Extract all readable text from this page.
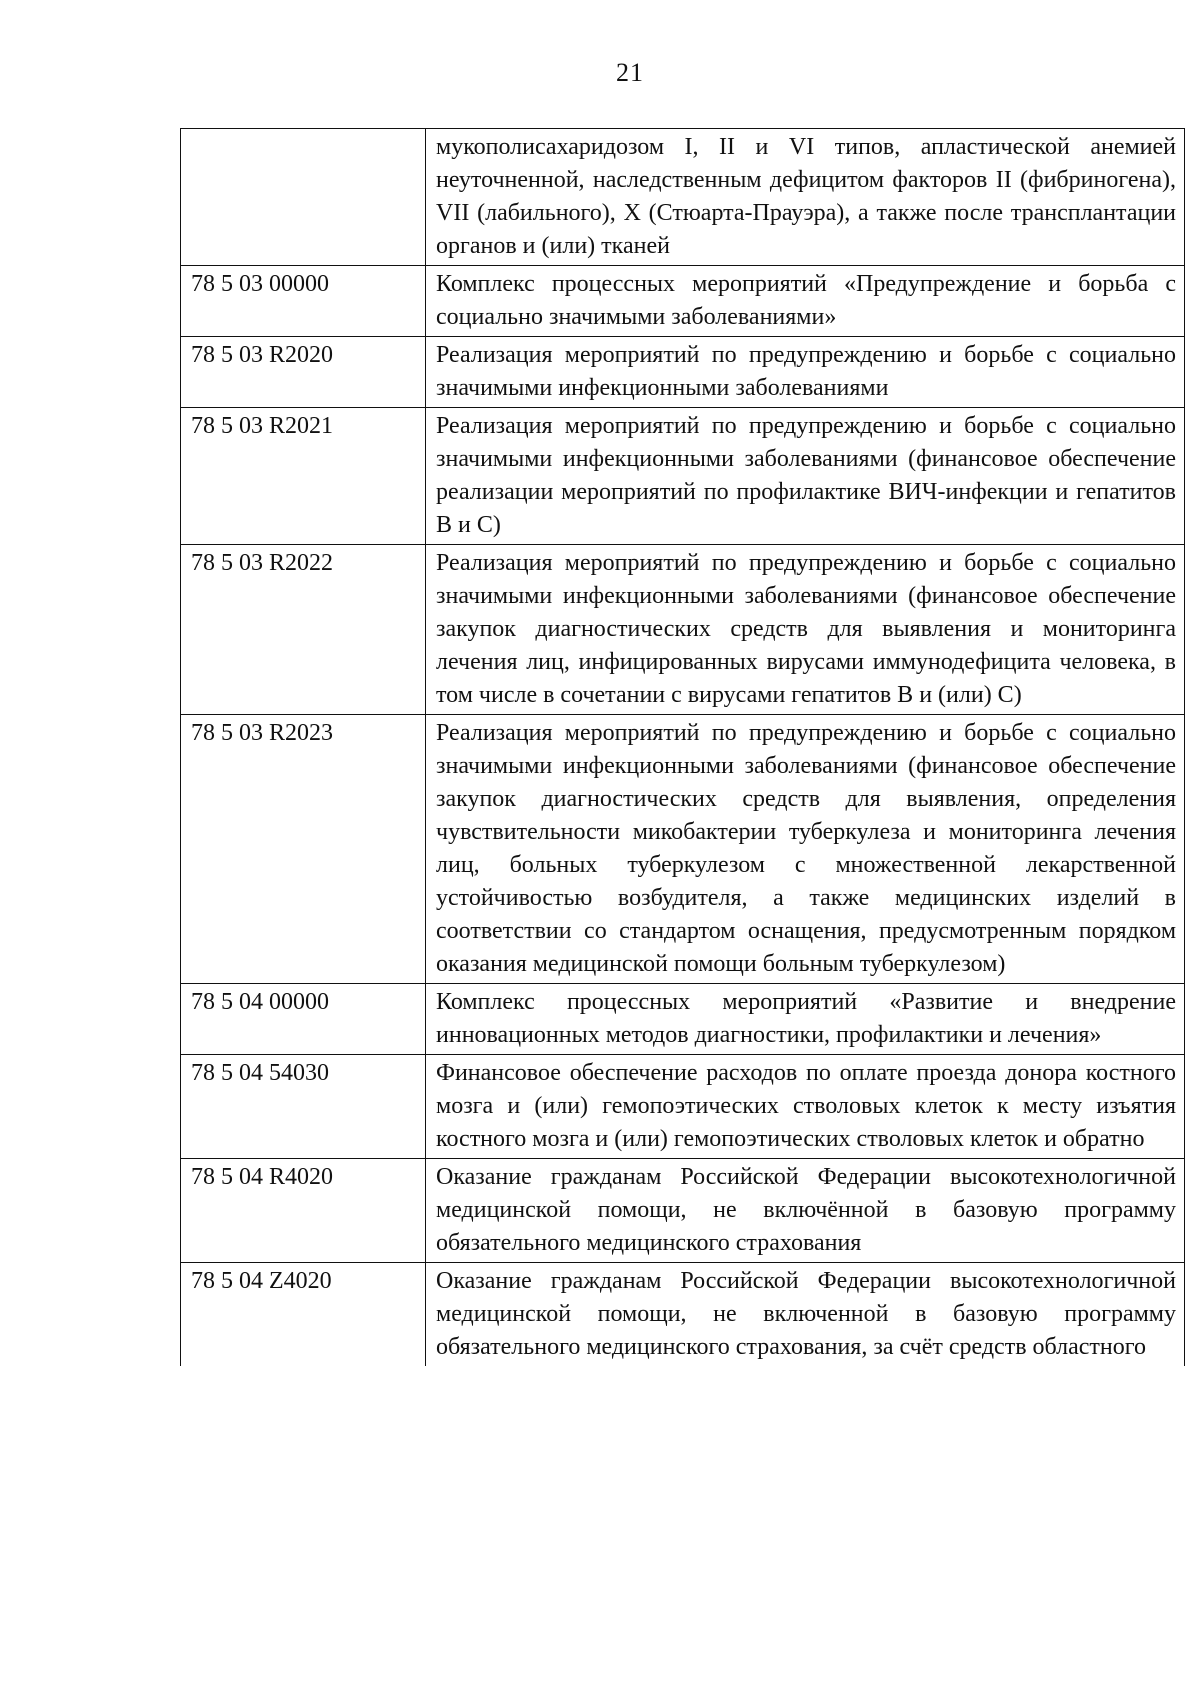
21
	мукополисахаридозом I, II и VI типов, апластической анемией неуточненной, наследственным дефицитом факторов II (фибриногена), VII (лабильного), X (Стюарта-Прауэра), а также после трансплантации органов и (или) тканей
78 5 03 00000	Комплекс процессных мероприятий «Предупреждение и борьба с социально значимыми заболеваниями»
78 5 03 R2020	Реализация мероприятий по предупреждению и борьбе с социально значимыми инфекционными заболеваниями
78 5 03 R2021	Реализация мероприятий по предупреждению и борьбе с социально значимыми инфекционными заболеваниями (финансовое обеспечение реализации мероприятий по профилактике ВИЧ-инфекции и гепатитов B и C)
78 5 03 R2022	Реализация мероприятий по предупреждению и борьбе с социально значимыми инфекционными заболеваниями (финансовое обеспечение закупок диагностических средств для выявления и мониторинга лечения лиц, инфицированных вирусами иммунодефицита человека, в том числе в сочетании с вирусами гепатитов B и (или) C)
78 5 03 R2023	Реализация мероприятий по предупреждению и борьбе с социально значимыми инфекционными заболеваниями (финансовое обеспечение закупок диагностических средств для выявления, определения чувствительности микобактерии туберкулеза и мониторинга лечения лиц, больных туберкулезом с множественной лекарственной устойчивостью возбудителя, а также медицинских изделий в соответствии со стандартом оснащения, предусмотренным порядком оказания медицинской помощи больным туберкулезом)
78 5 04 00000	Комплекс процессных мероприятий «Развитие и внедрение инновационных методов диагностики, профилактики и лечения»
78 5 04 54030	Финансовое обеспечение расходов по оплате проезда донора костного мозга и (или) гемопоэтических стволовых клеток к месту изъятия костного мозга и (или) гемопоэтических стволовых клеток и обратно
78 5 04 R4020	Оказание гражданам Российской Федерации высокотехнологичной медицинской помощи, не включённой в базовую программу обязательного медицинского страхования
78 5 04 Z4020	Оказание гражданам Российской Федерации высокотехнологичной медицинской помощи, не включенной в базовую программу обязательного медицинского страхования, за счёт средств областного
